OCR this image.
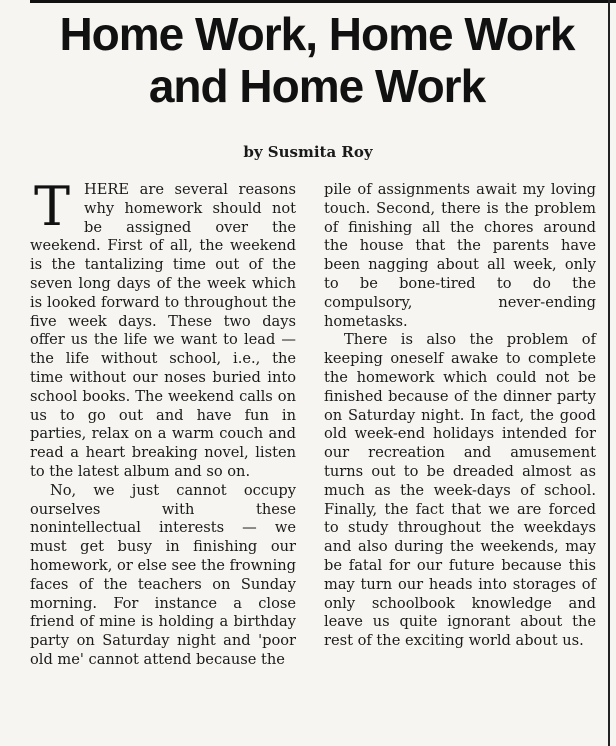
Home Work, Home Work
and Home Work
by Susmita Roy

THERE are several reasons why homework should not be assigned over the weekend. First of all, the weekend is the tantalizing time out of the seven long days of the week which is looked forward to throughout the five week days. These two days offer us the life we want to lead — the life without school, i.e., the time without our noses buried into school books. The weekend calls on us to go out and have fun in parties, relax on a warm couch and read a heart breaking novel, listen to the latest album and so on.

No, we just cannot occupy ourselves with these nonintellectual interests — we must get busy in finishing our homework, or else see the frowning faces of the teachers on Sunday morning. For instance a close friend of mine is holding a birthday party on Saturday night and 'poor old me' cannot attend because the

pile of assignments await my loving touch. Second, there is the problem of finishing all the chores around the house that the parents have been nagging about all week, only to be bone-tired to do the compulsory, never-ending hometasks.

There is also the problem of keeping oneself awake to complete the homework which could not be finished because of the dinner party on Saturday night. In fact, the good old week-end holidays intended for our recreation and amusement turns out to be dreaded almost as much as the week-days of school. Finally, the fact that we are forced to study throughout the weekdays and also during the weekends, may be fatal for our future because this may turn our heads into storages of only schoolbook knowledge and leave us quite ignorant about the rest of the exciting world about us.
